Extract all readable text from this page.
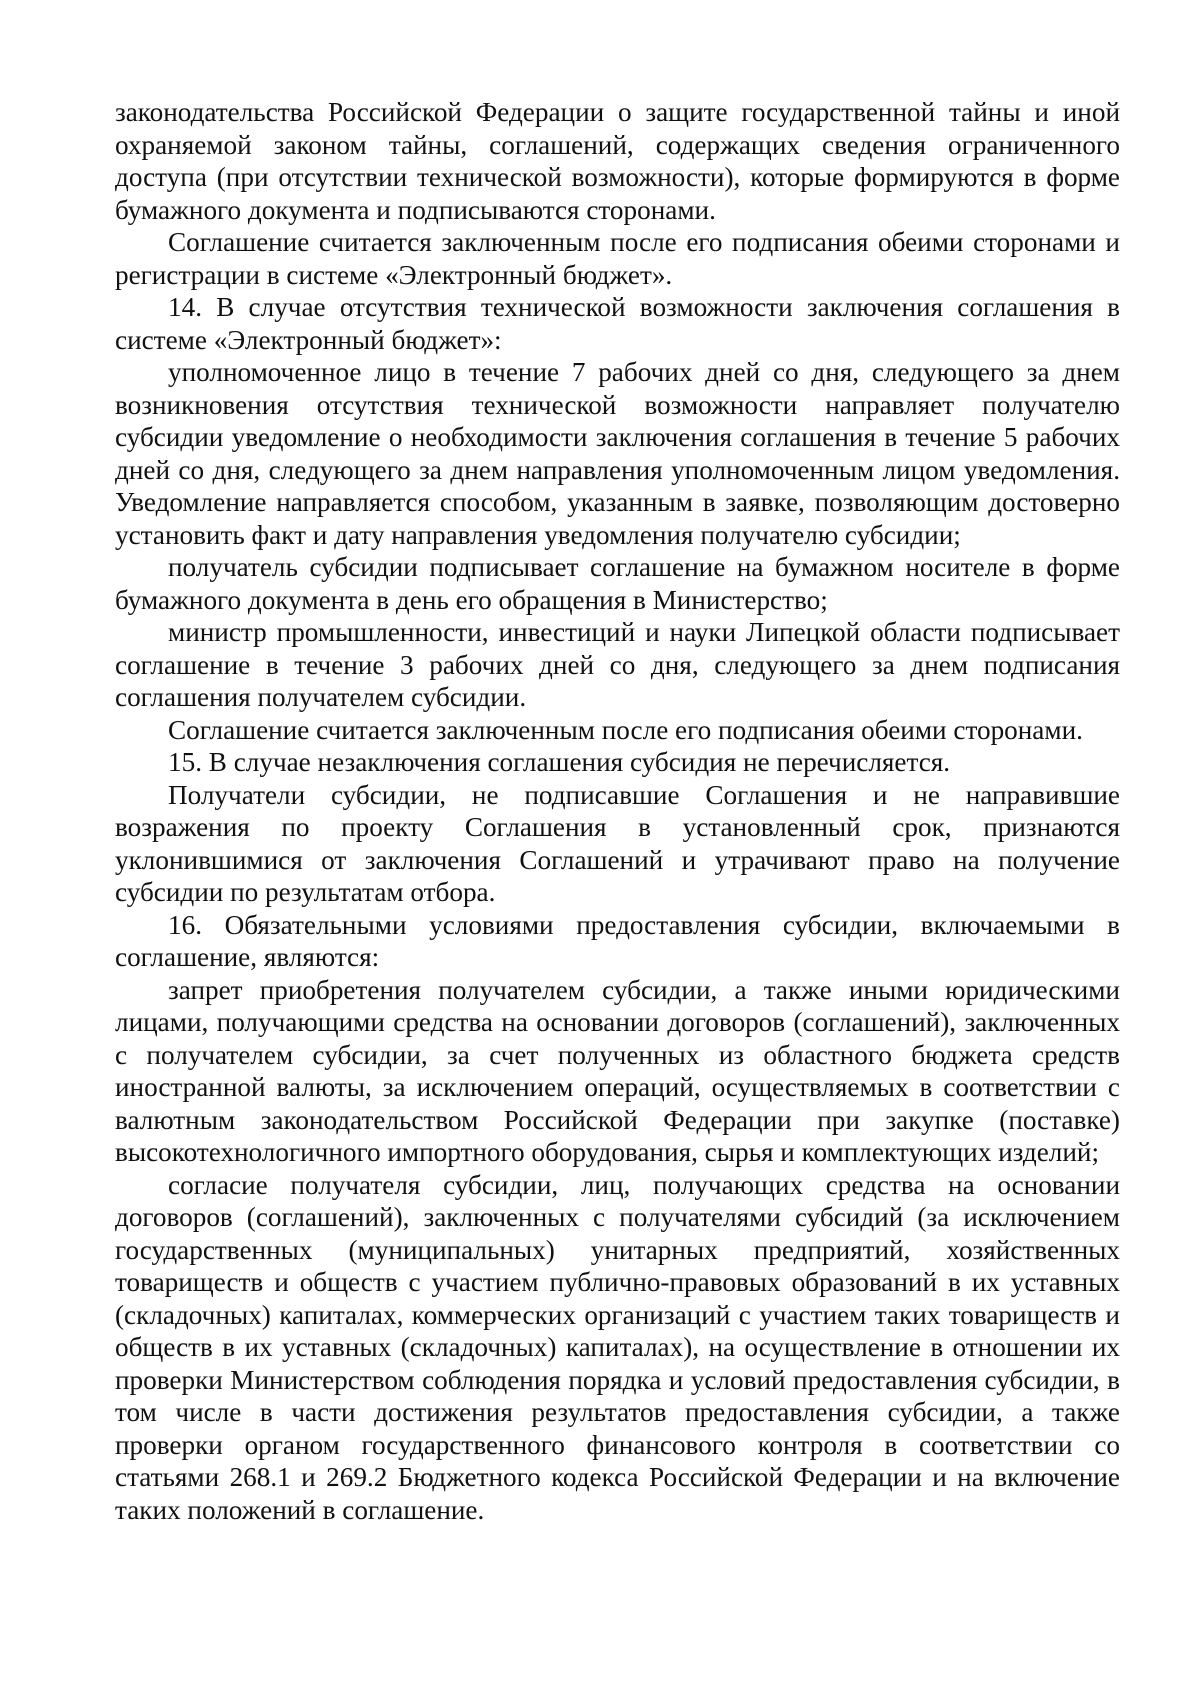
законодательства Российской Федерации о защите государственной тайны и иной охраняемой законом тайны, соглашений, содержащих сведения ограниченного доступа (при отсутствии технической возможности), которые формируются в форме бумажного документа и подписываются сторонами.

Соглашение считается заключенным после его подписания обеими сторонами и регистрации в системе «Электронный бюджет».

14. В случае отсутствия технической возможности заключения соглашения в системе «Электронный бюджет»:

уполномоченное лицо в течение 7 рабочих дней со дня, следующего за днем возникновения отсутствия технической возможности направляет получателю субсидии уведомление о необходимости заключения соглашения в течение 5 рабочих дней со дня, следующего за днем направления уполномоченным лицом уведомления. Уведомление направляется способом, указанным в заявке, позволяющим достоверно установить факт и дату направления уведомления получателю субсидии;

получатель субсидии подписывает соглашение на бумажном носителе в форме бумажного документа в день его обращения в Министерство;

министр промышленности, инвестиций и науки Липецкой области подписывает соглашение в течение 3 рабочих дней со дня, следующего за днем подписания соглашения получателем субсидии.

Соглашение считается заключенным после его подписания обеими сторонами.

15. В случае незаключения соглашения субсидия не перечисляется.

Получатели субсидии, не подписавшие Соглашения и не направившие возражения по проекту Соглашения в установленный срок, признаются уклонившимися от заключения Соглашений и утрачивают право на получение субсидии по результатам отбора.

16. Обязательными условиями предоставления субсидии, включаемыми в соглашение, являются:

запрет приобретения получателем субсидии, а также иными юридическими лицами, получающими средства на основании договоров (соглашений), заключенных с получателем субсидии, за счет полученных из областного бюджета средств иностранной валюты, за исключением операций, осуществляемых в соответствии с валютным законодательством Российской Федерации при закупке (поставке) высокотехнологичного импортного оборудования, сырья и комплектующих изделий;

согласие получателя субсидии, лиц, получающих средства на основании договоров (соглашений), заключенных с получателями субсидий (за исключением государственных (муниципальных) унитарных предприятий, хозяйственных товариществ и обществ с участием публично-правовых образований в их уставных (складочных) капиталах, коммерческих организаций с участием таких товариществ и обществ в их уставных (складочных) капиталах), на осуществление в отношении их проверки Министерством соблюдения порядка и условий предоставления субсидии, в том числе в части достижения результатов предоставления субсидии, а также проверки органом государственного финансового контроля в соответствии со статьями 268.1 и 269.2 Бюджетного кодекса Российской Федерации и на включение таких положений в соглашение.
